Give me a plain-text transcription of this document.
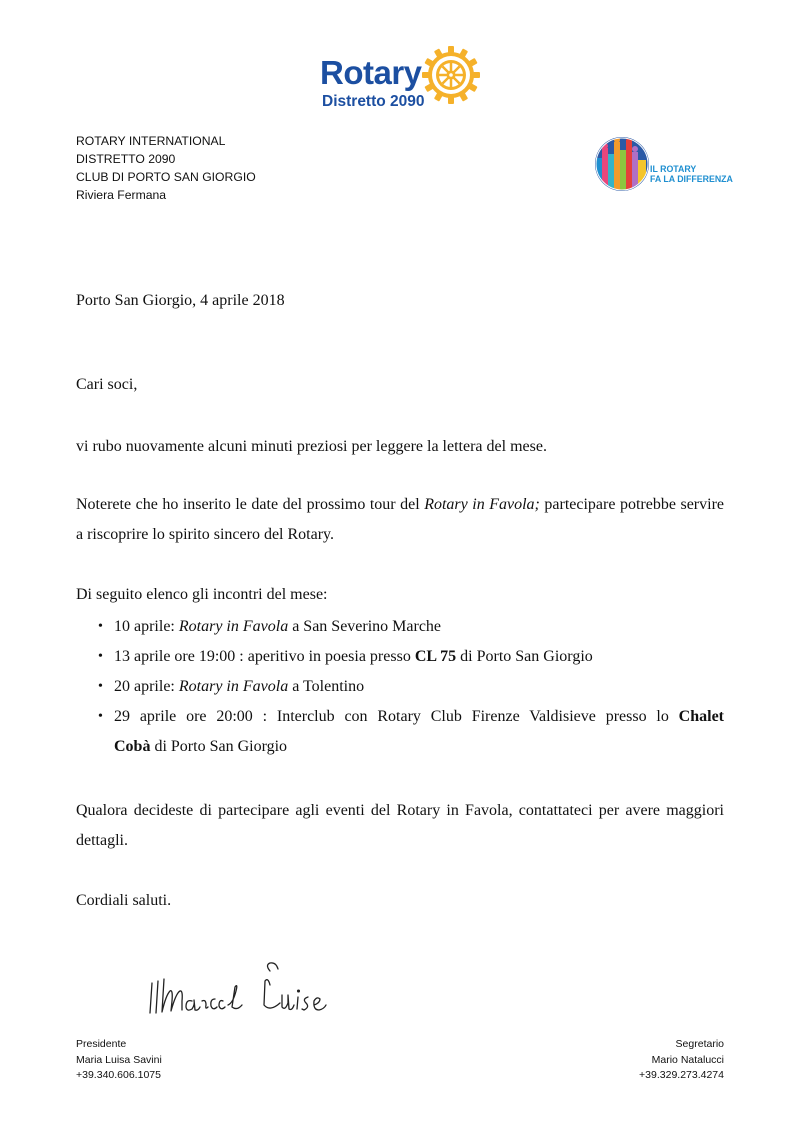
Rotary
Distretto 2090
ROTARY INTERNATIONAL
DISTRETTO 2090
CLUB DI PORTO SAN GIORGIO
Riviera Fermana
IL ROTARY
FA LA DIFFERENZA
Porto San Giorgio, 4 aprile 2018
Cari soci,
vi rubo nuovamente alcuni minuti preziosi per leggere la lettera del mese.
Noterete che ho inserito le date del prossimo tour del Rotary in Favola; partecipare potrebbe servire a riscoprire lo spirito sincero del Rotary.
Di seguito elenco gli incontri del mese:
•
10 aprile: Rotary in Favola a San Severino Marche
•
13 aprile ore 19:00 : aperitivo in poesia presso CL 75 di Porto San Giorgio
•
20 aprile: Rotary in Favola a Tolentino
•
29 aprile ore 20:00 : Interclub con Rotary Club Firenze Valdisieve presso lo Chalet
Cobà di Porto San Giorgio
Qualora decideste di partecipare agli eventi del Rotary in Favola, contattateci per avere maggiori dettagli.
Cordiali saluti.
Presidente
Maria Luisa Savini
+39.340.606.1075
Segretario
Mario Natalucci
+39.329.273.4274
